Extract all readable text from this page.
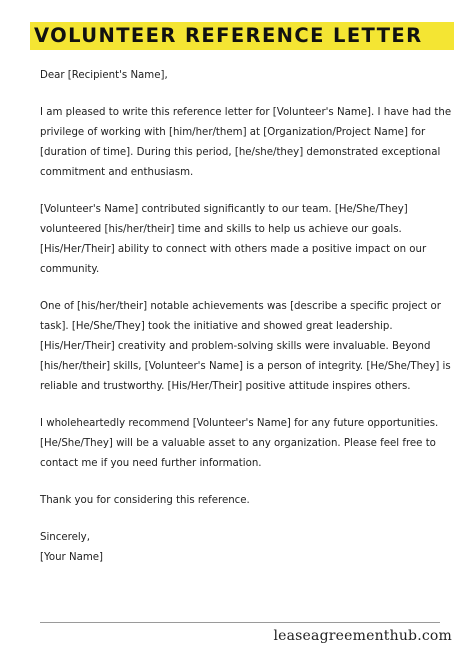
VOLUNTEER REFERENCE LETTER

Dear [Recipient's Name],

I am pleased to write this reference letter for [Volunteer's Name]. I have had the privilege of working with [him/her/them] at [Organization/Project Name] for [duration of time]. During this period, [he/she/they] demonstrated exceptional commitment and enthusiasm.

[Volunteer's Name] contributed significantly to our team. [He/She/They] volunteered [his/her/their] time and skills to help us achieve our goals. [His/Her/Their] ability to connect with others made a positive impact on our community.

One of [his/her/their] notable achievements was [describe a specific project or task]. [He/She/They] took the initiative and showed great leadership. [His/Her/Their] creativity and problem-solving skills were invaluable. Beyond [his/her/their] skills, [Volunteer's Name] is a person of integrity. [He/She/They] is reliable and trustworthy. [His/Her/Their] positive attitude inspires others.

I wholeheartedly recommend [Volunteer's Name] for any future opportunities. [He/She/They] will be a valuable asset to any organization. Please feel free to contact me if you need further information.

Thank you for considering this reference.

Sincerely,

[Your Name]

leaseagreementhub.com
